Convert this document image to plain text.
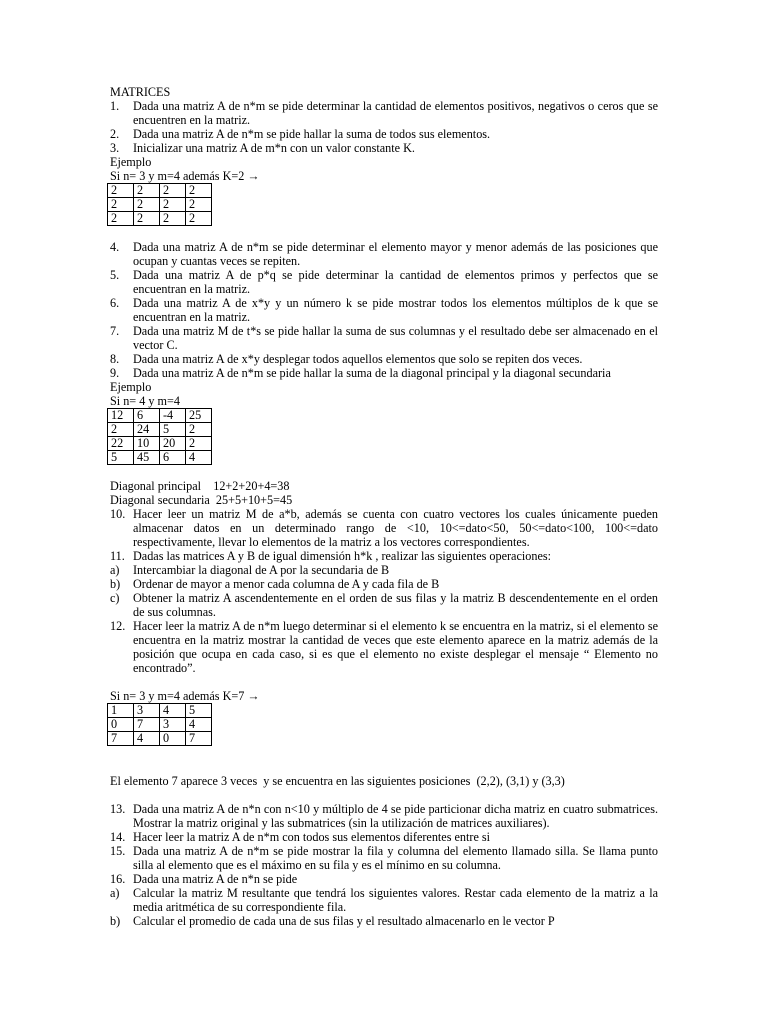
MATRICES
1.	Dada una matriz A de n*m se pide determinar la cantidad de elementos positivos, negativos o ceros que se encuentren en la matriz.
2.	Dada una matriz A de n*m se pide hallar la suma de todos sus elementos.
3.	Inicializar una matriz A de m*n con un valor constante K.
Ejemplo
Si n= 3 y m=4 además K=2 →
2	2	2	2
2	2	2	2
2	2	2	2
4.	Dada una matriz A de n*m se pide determinar el elemento mayor y menor además de las posiciones que ocupan y cuantas veces se repiten.
5.	Dada una matriz A de p*q se pide determinar la cantidad de elementos primos y perfectos que se encuentran en la matriz.
6.	Dada una matriz A de x*y y un número k se pide mostrar todos los elementos múltiplos de k que se encuentran en la matriz.
7.	Dada una matriz M de t*s se pide hallar la suma de sus columnas y el resultado debe ser almacenado en el vector C.
8.	Dada una matriz A de x*y desplegar todos aquellos elementos que solo se repiten dos veces.
9.	Dada una matriz A de n*m se pide hallar la suma de la diagonal principal y la diagonal secundaria
Ejemplo
Si n= 4 y m=4
12	6	-4	25
2	24	5	2
22	10	20	2
5	45	6	4
Diagonal principal    12+2+20+4=38
Diagonal secundaria  25+5+10+5=45
10. Hacer leer un matriz M de a*b, además se cuenta con cuatro vectores los cuales únicamente pueden almacenar datos en un determinado rango de <10, 10<=dato<50, 50<=dato<100, 100<=dato respectivamente, llevar lo elementos de la matriz a los vectores correspondientes.
11. Dadas las matrices A y B de igual dimensión h*k , realizar las siguientes operaciones:
a)	Intercambiar la diagonal de A por la secundaria de B
b)	Ordenar de mayor a menor cada columna de A y cada fila de B
c)	Obtener la matriz A ascendentemente en el orden de sus filas y la matriz B descendentemente en el orden de sus columnas.
12. Hacer leer la matriz A de n*m luego determinar si el elemento k se encuentra en la matriz, si el elemento se encuentra en la matriz mostrar la cantidad de veces que este elemento aparece en la matriz además de la posición que ocupa en cada caso, si es que el elemento no existe desplegar el mensaje “ Elemento no encontrado”.
Si n= 3 y m=4 además K=7 →
1	3	4	5
0	7	3	4
7	4	0	7
El elemento 7 aparece 3 veces  y se encuentra en las siguientes posiciones  (2,2), (3,1) y (3,3)
13. Dada una matriz A de n*n con n<10 y múltiplo de 4 se pide particionar dicha matriz en cuatro submatrices. Mostrar la matriz original y las submatrices (sin la utilización de matrices auxiliares).
14. Hacer leer la matriz A de n*m con todos sus elementos diferentes entre si
15. Dada una matriz A de n*m se pide mostrar la fila y columna del elemento llamado silla. Se llama punto silla al elemento que es el máximo en su fila y es el mínimo en su columna.
16. Dada una matriz A de n*n se pide
a)	Calcular la matriz M resultante que tendrá los siguientes valores. Restar cada elemento de la matriz a la media aritmética de su correspondiente fila.
b)	Calcular el promedio de cada una de sus filas y el resultado almacenarlo en le vector P
